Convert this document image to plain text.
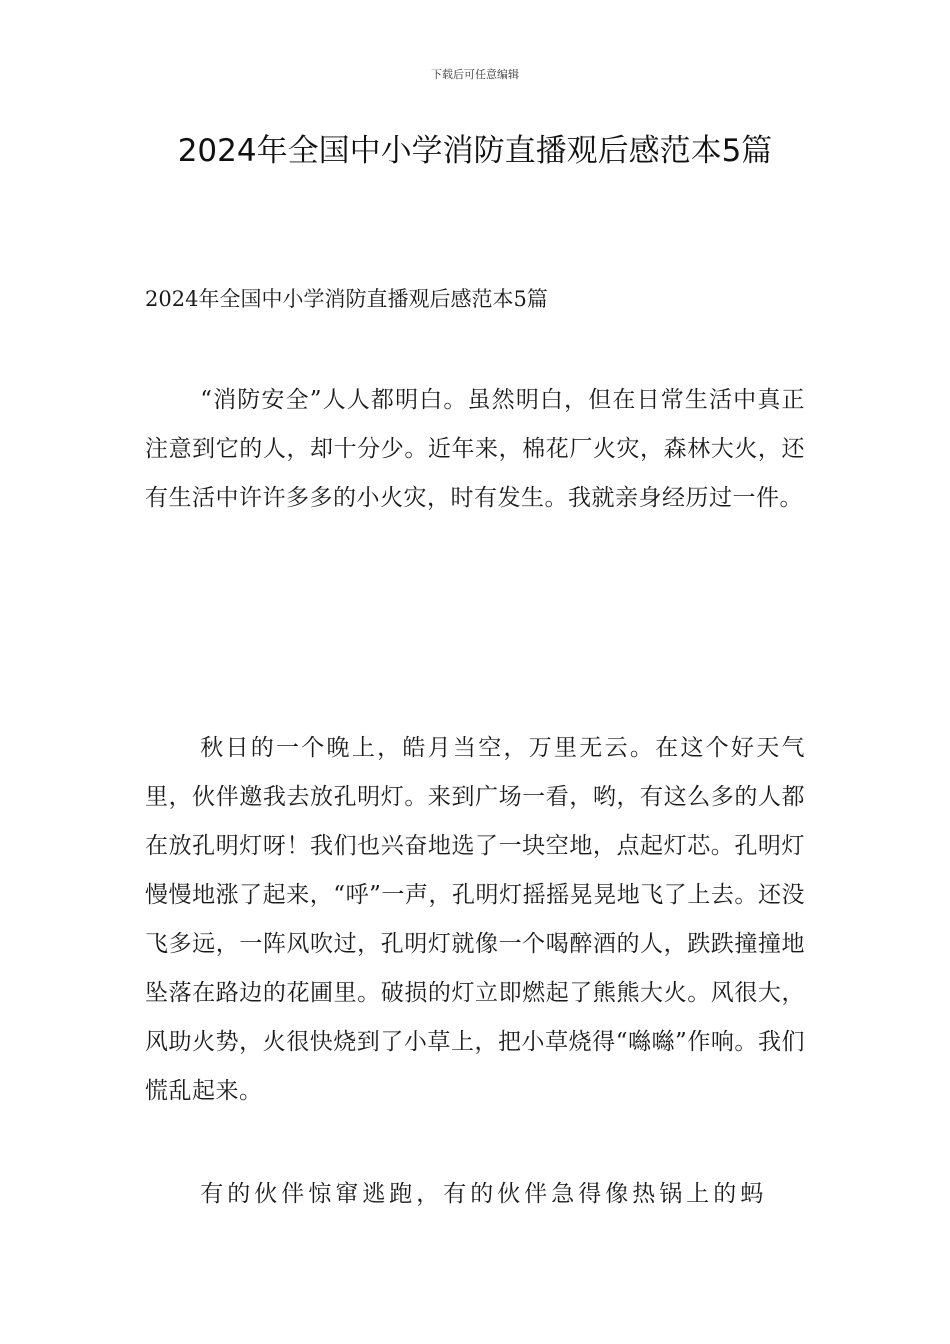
下载后可任意编辑
2024年全国中小学消防直播观后感范本5篇
2024年全国中小学消防直播观后感范本5篇

“消防安全”人人都明白。虽然明白，但在日常生活中真正注意到它的人，却十分少。近年来，棉花厂火灾，森林大火，还有生活中许许多多的小火灾，时有发生。我就亲身经历过一件。

秋日的一个晚上，皓月当空，万里无云。在这个好天气里，伙伴邀我去放孔明灯。来到广场一看，哟，有这么多的人都在放孔明灯呀！我们也兴奋地选了一块空地，点起灯芯。孔明灯慢慢地涨了起来，“呼”一声，孔明灯摇摇晃晃地飞了上去。还没飞多远，一阵风吹过，孔明灯就像一个喝醉酒的人，跌跌撞撞地坠落在路边的花圃里。破损的灯立即燃起了熊熊大火。风很大，风助火势，火很快烧到了小草上，把小草烧得“噝噝”作响。我们慌乱起来。

有的伙伴惊窜逃跑，有的伙伴急得像热锅上的蚂
